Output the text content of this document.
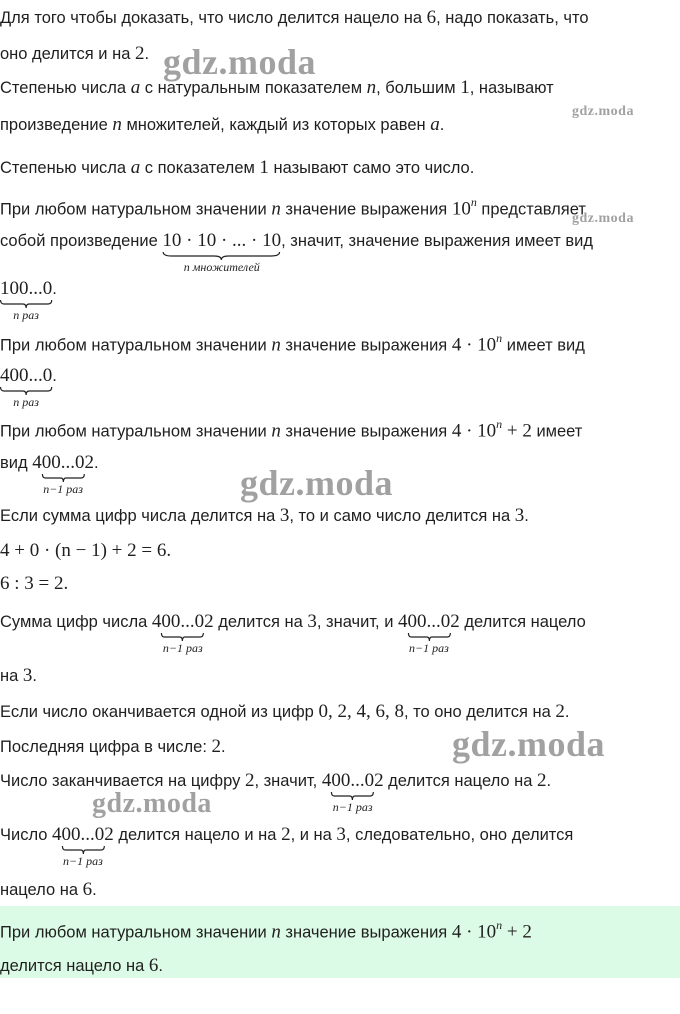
Для того чтобы доказать, что число делится нацело на 6, надо показать, что
оно делится и на 2.
Степенью числа a с натуральным показателем n, большим 1, называют
произведение n множителей, каждый из которых равен a.
Степенью числа a с показателем 1 называют само это число.
При любом натуральном значении n значение выражения 10$^n$ представляет
собой произведение 10 · 10 · ... · 10
n множителей
, значит, значение выражения имеет вид
100...0
n раз
.
При любом натуральном значении n значение выражения $4 \cdot 10^n$ имеет вид
400...0
n раз
.
При любом натуральном значении n значение выражения $4 \cdot 10^n + 2$ имеет
вид 400...0
n−1 раз
2.
Если сумма цифр числа делится на 3, то и само число делится на 3.
4 + 0 · (n − 1) + 2 = 6.
6 : 3 = 2.
Сумма цифр числа 400...0
n−1 раз
2 делится на 3, значит, и 400...0
n−1 раз
2 делится нацело
на 3.
Если число оканчивается одной из цифр 0, 2, 4, 6, 8, то оно делится на 2.
Последняя цифра в числе: 2.
Число заканчивается на цифру 2, значит, 400...0
n−1 раз
2 делится нацело на 2.
Число 400...0
n−1 раз
2 делится нацело и на 2, и на 3, следовательно, оно делится
нацело на 6.
При любом натуральном значении n значение выражения $4 \cdot 10^n + 2$
делится нацело на 6.
gdz.moda
gdz.moda
gdz.moda
gdz.moda
gdz.moda
gdz.moda
